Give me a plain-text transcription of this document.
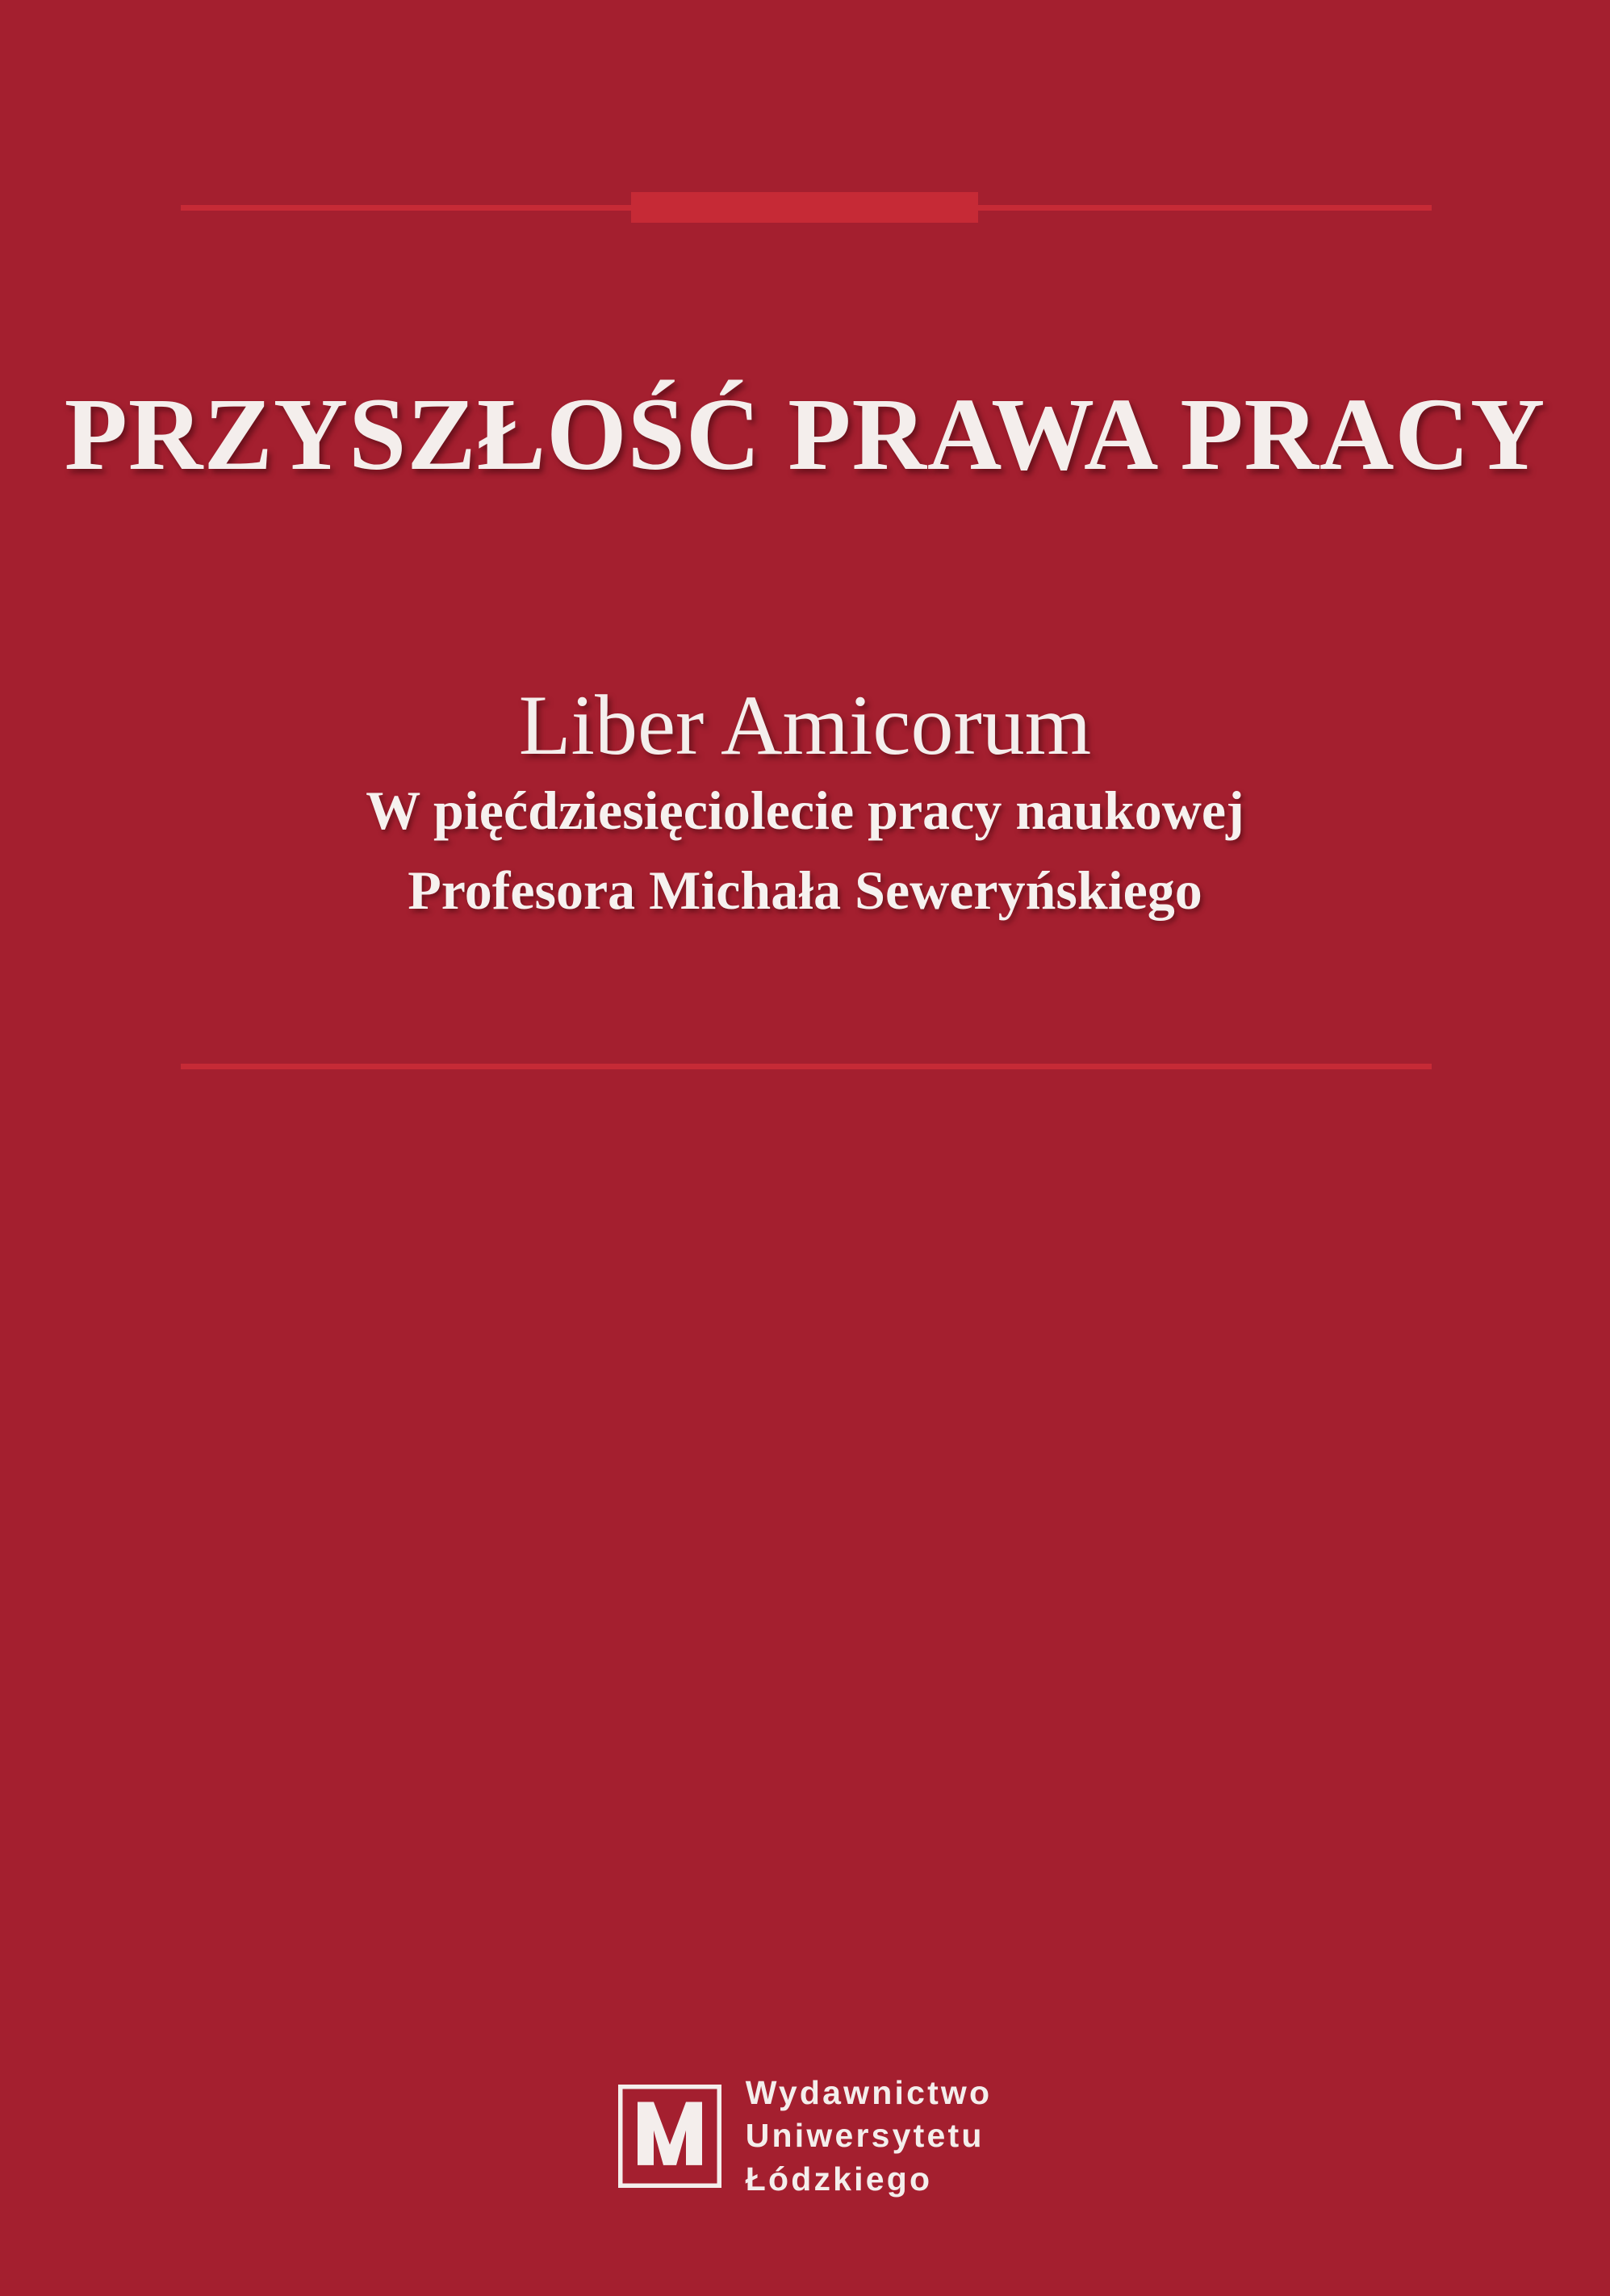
PRZYSZŁOŚĆ PRAWA PRACY
Liber Amicorum
W pięćdziesięciolecie pracy naukowej
Profesora Michała Seweryńskiego
Wydawnictwo
Uniwersytetu
Łódzkiego
